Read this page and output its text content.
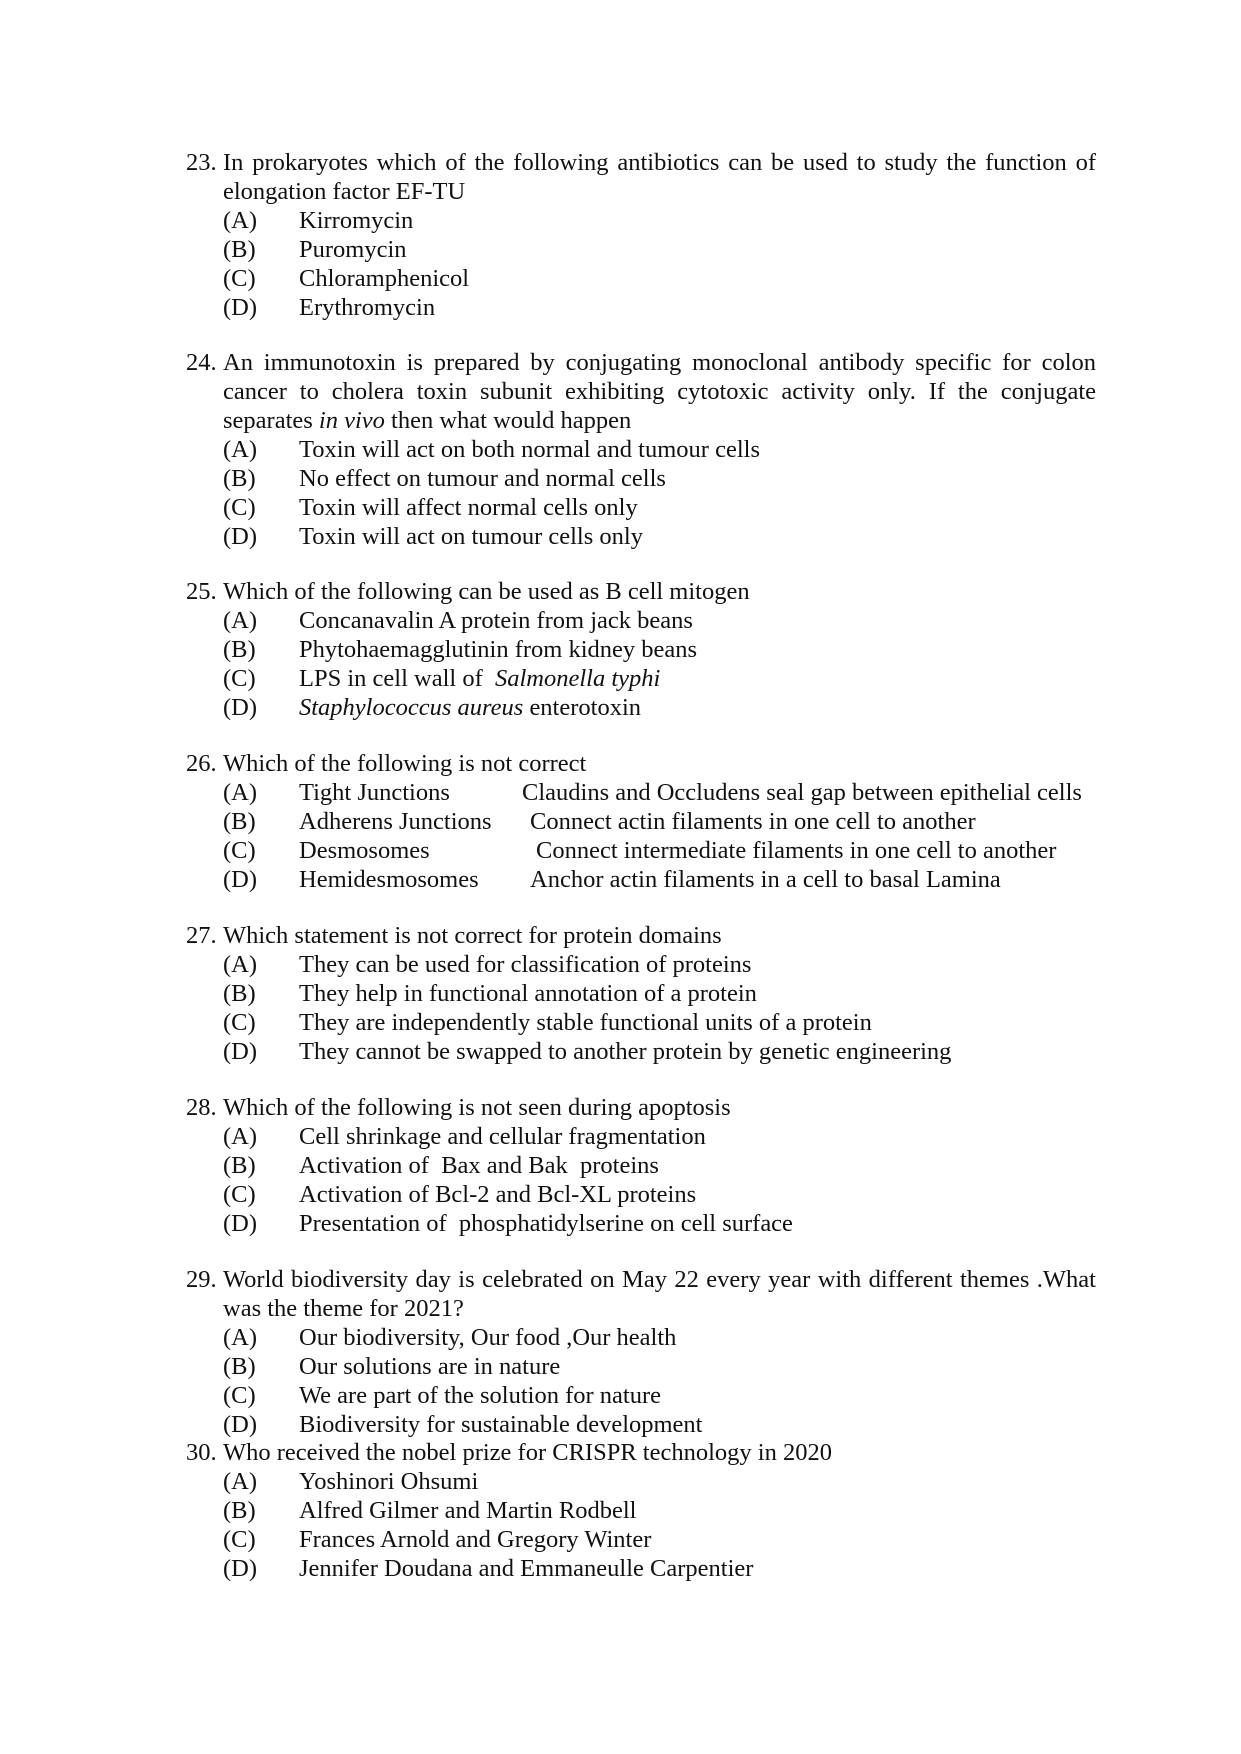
23. In prokaryotes which of the following antibiotics can be used to study the function of elongation factor EF-TU
(A) Kirromycin
(B) Puromycin
(C) Chloramphenicol
(D) Erythromycin
24. An immunotoxin is prepared by conjugating monoclonal antibody specific for colon cancer to cholera toxin subunit exhibiting cytotoxic activity only. If the conjugate separates in vivo then what would happen
(A) Toxin will act on both normal and tumour cells
(B) No effect on tumour and normal cells
(C) Toxin will affect normal cells only
(D) Toxin will act on tumour cells only
25. Which of the following can be used as B cell mitogen
(A) Concanavalin A protein from jack beans
(B) Phytohaemagglutinin from kidney beans
(C) LPS in cell wall of  Salmonella typhi
(D) Staphylococcus aureus enterotoxin
26. Which of the following is not correct
(A) Tight Junctions	Claudins and Occludens seal gap between epithelial cells
(B) Adherens Junctions Connect actin filaments in one cell to another
(C) Desmosomes	Connect intermediate filaments in one cell to another
(D) Hemidesmosomes Anchor actin filaments in a cell to basal Lamina
27. Which statement is not correct for protein domains
(A) They can be used for classification of proteins
(B) They help in functional annotation of a protein
(C) They are independently stable functional units of a protein
(D) They cannot be swapped to another protein by genetic engineering
28. Which of the following is not seen during apoptosis
(A) Cell shrinkage and cellular fragmentation
(B) Activation of  Bax and Bak  proteins
(C) Activation of Bcl-2 and Bcl-XL proteins
(D) Presentation of  phosphatidylserine on cell surface
29. World biodiversity day is celebrated on May 22 every year with different themes .What was the theme for 2021?
(A) Our biodiversity, Our food ,Our health
(B) Our solutions are in nature
(C) We are part of the solution for nature
(D) Biodiversity for sustainable development
30. Who received the nobel prize for CRISPR technology in 2020
(A) Yoshinori Ohsumi
(B) Alfred Gilmer and Martin Rodbell
(C) Frances Arnold and Gregory Winter
(D) Jennifer Doudana and Emmaneulle Carpentier
